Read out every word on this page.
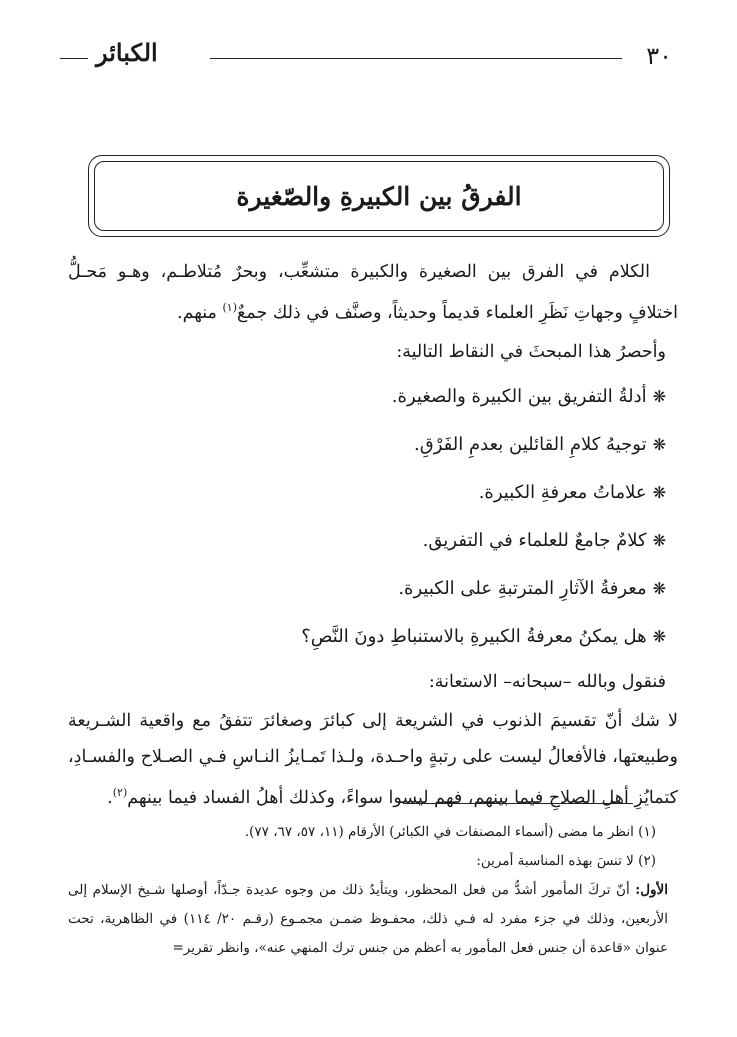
الكبائر	٣٠
الفرقُ بين الكبيرةِ والصّغيرة

الكلام في الفرق بين الصغيرة والكبيرة متشعِّب، وبحرٌ مُتلاطـم، وهـو مَحـلُّ اختلافٍ وجهاتِ نَظَرِ العلماء قديماً وحديثاً، وصنَّف في ذلك جمعٌ$^{(١)}$ منهم.

وأحصرُ هذا المبحثَ في النقاط التالية:

❋أدلةُ التفريق بين الكبيرة والصغيرة.
❋توجيهُ كلامِ القائلين بعدمِ الفَرْقِ.
❋علاماتُ معرفةِ الكبيرة.
❋كلامٌ جامعٌ للعلماء في التفريق.
❋معرفةُ الآثارِ المترتبةِ على الكبيرة.
❋هل يمكنُ معرفةُ الكبيرةِ بالاستنباطِ دونَ النَّصِ؟

فنقول وبالله –سبحانه– الاستعانة:

لا شك أنّ تقسيمَ الذنوب في الشريعة إلى كبائرَ وصغائرَ تتفقُ مع واقعية الشـريعة وطبيعتها، فالأفعالُ ليست على رتبةٍ واحـدة، ولـذا تَمـايزُ النـاسِ فـي الصـلاح والفسـادِ، كتمايُزِ أهلِ الصلاحِ فيما بينهم، فهم ليسوا سواءً، وكذلك أهلُ الفساد فيما بينهم$^{(٢)}$.

(١) انظر ما مضى (أسماء المصنفات في الكبائر) الأرقام (١١، ٥٧، ٦٧، ٧٧).

(٢) لا تنسَ بهذه المناسبة أمرين:

الأول: أنّ تركَ المأمور أشدُّ من فعل المحظور، ويتأيدُ ذلك من وجوه عديدة جـدّاً، أوصلها شـيخ الإسلام إلى الأربعين، وذلك في جزء مفرد له فـي ذلك، محفـوظ ضمـن مجمـوع (رقـم ٢٠/ ١١٤) في الظاهرية، تحت عنوان «قاعدة أن جنس فعل المأمور به أعظم من جنس ترك المنهي عنه»، وانظر تقرير=
